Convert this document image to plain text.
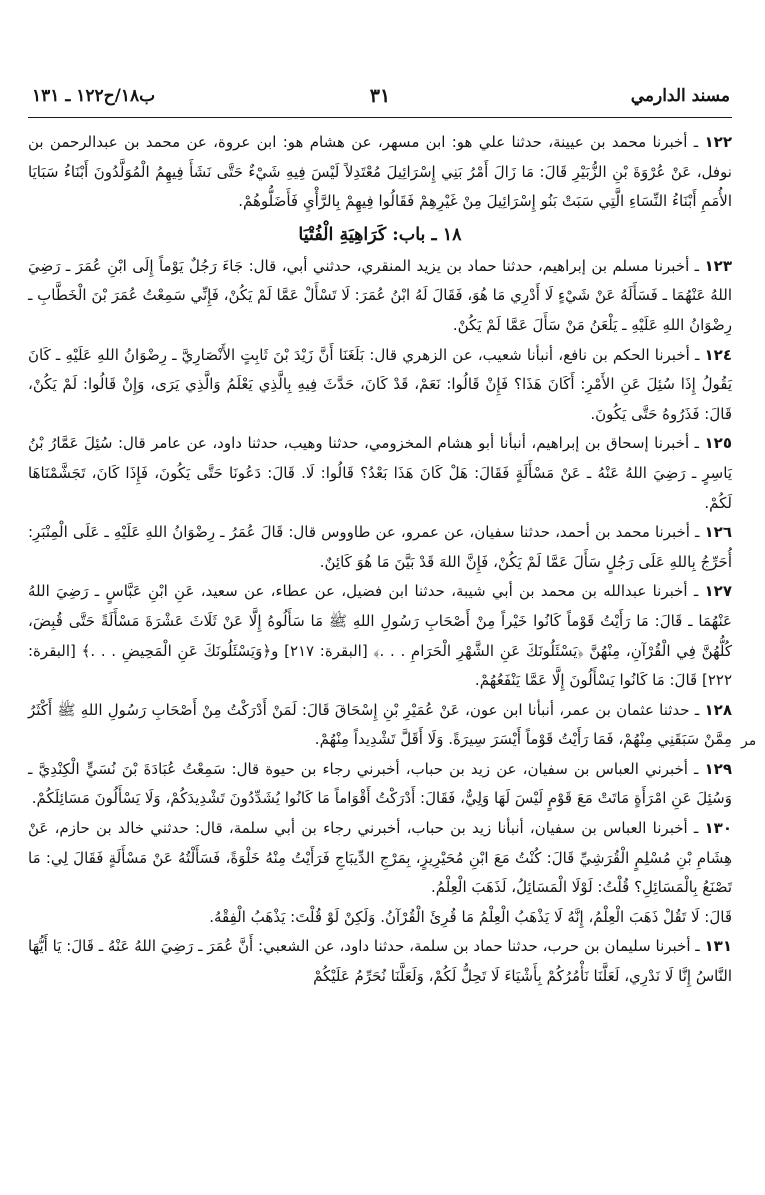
مسند الدارمي
٣١
ب١٨/ح١٢٢ ـ ١٣١

١٢٢ ـ أخبرنا محمد بن عيينة، حدثنا علي هو: ابن مسهر، عن هشام هو: ابن عروة، عن محمد بن عبدالرحمن بن نوفل، عَنْ عُرْوَةَ بْنِ الزُّبَيْرِ قَالَ: مَا زَالَ أَمْرُ بَنِي إِسْرَائِيلَ مُعْتَدِلاً لَيْسَ فِيهِ شَيْءٌ حَتَّى نَشَأَ فِيهِمُ الْمُوَلَّدُونَ أَبْنَاءُ سَبَايَا الأُمَمِ أَبْنَاءُ النِّسَاءِ الَّتِي سَبَتْ بَنُو إِسْرَائِيلَ مِنْ غَيْرِهِمْ فَقَالُوا فِيهِمْ بِالرَّأْيِ فَأَضَلُّوهُمْ.

١٨ ـ باب: كَرَاهِيَةِ الْفُتْيَا

١٢٣ ـ أخبرنا مسلم بن إبراهيم، حدثنا حماد بن يزيد المنقري، حدثني أبي، قال: جَاءَ رَجُلٌ يَوْماً إِلَى ابْنِ عُمَرَ ـ رَضِيَ اللهُ عَنْهُمَا ـ فَسَأَلَهُ عَنْ شَيْءٍ لَا أَدْرِي مَا هُوَ، فَقَالَ لَهُ ابْنُ عُمَرَ: لَا تَسْأَلْ عَمَّا لَمْ يَكُنْ، فَإِنِّي سَمِعْتُ عُمَرَ بْنَ الْخَطَّابِ ـ رِضْوَانُ اللهِ عَلَيْهِ ـ يَلْعَنُ مَنْ سَأَلَ عَمَّا لَمْ يَكُنْ.

١٢٤ ـ أخبرنا الحكم بن نافع، أنبأنا شعيب، عن الزهري قال: بَلَغَنَا أَنَّ زَيْدَ بْنَ ثَابِتٍ الأَنْصَارِيَّ ـ رِضْوَانُ اللهِ عَلَيْهِ ـ كَانَ يَقُولُ إِذَا سُئِلَ عَنِ الأَمْرِ: أَكَانَ هَذَا؟ فَإِنْ قَالُوا: نَعَمْ، قَدْ كَانَ، حَدَّثَ فِيهِ بِالَّذِي يَعْلَمُ وَالَّذِي يَرَى، وَإِنْ قَالُوا: لَمْ يَكُنْ، قَالَ: فَذَرُوهُ حَتَّى يَكُونَ.

١٢٥ ـ أخبرنا إسحاق بن إبراهيم، أنبأنا أبو هشام المخزومي، حدثنا وهيب، حدثنا داود، عن عامر قال: سُئِلَ عَمَّارُ بْنُ يَاسِرٍ ـ رَضِيَ اللهُ عَنْهُ ـ عَنْ مَسْأَلَةٍ فَقَالَ: هَلْ كَانَ هَذَا بَعْدُ؟ قَالُوا: لَا. قَالَ: دَعُونَا حَتَّى يَكُونَ، فَإِذَا كَانَ، تَجَشَّمْنَاهَا لَكُمْ.

١٢٦ ـ أخبرنا محمد بن أحمد، حدثنا سفيان، عن عمرو، عن طاووس قال: قَالَ عُمَرُ ـ رِضْوَانُ اللهِ عَلَيْهِ ـ عَلَى الْمِنْبَرِ: أُحَرِّجُ بِاللهِ عَلَى رَجُلٍ سَأَلَ عَمَّا لَمْ يَكُنْ، فَإِنَّ اللهَ قَدْ بَيَّنَ مَا هُوَ كَائِنٌ.

١٢٧ ـ أخبرنا عبدالله بن محمد بن أبي شيبة، حدثنا ابن فضيل، عن عطاء، عن سعيد، عَنِ ابْنِ عَبَّاسٍ ـ رَضِيَ اللهُ عَنْهُمَا ـ قَالَ: مَا رَأَيْتُ قَوْماً كَانُوا خَيْراً مِنْ أَصْحَابِ رَسُولِ اللهِ ﷺ مَا سَأَلُوهُ إِلَّا عَنْ ثَلَاثَ عَشْرَةَ مَسْأَلَةً حَتَّى قُبِضَ، كُلُّهُنَّ فِي الْقُرْآنِ، مِنْهُنَّ ﴿يَسْئَلُونَكَ عَنِ الشَّهْرِ الْحَرَامِ . . .﴾ [البقرة: ٢١٧] و﴿وَيَسْئَلُونَكَ عَنِ الْمَحِيضِ . . .﴾ [البقرة: ٢٢٢] قَالَ: مَا كَانُوا يَسْأَلُونَ إِلَّا عَمَّا يَنْفَعُهُمْ.

١٢٨ ـ حدثنا عثمان بن عمر، أنبأنا ابن عون، عَنْ عُمَيْرِ بْنِ إِسْحَاقَ قَالَ: لَمَنْ أَدْرَكْتُ مِنْ أَصْحَابِ رَسُولِ اللهِ ﷺ أَكْثَرُ مِمَّنْ سَبَقَنِي مِنْهُمْ، فَمَا رَأَيْتُ قَوْماً أَيْسَرَ سِيرَةً. وَلَا أَقَلَّ تَشْدِيداً مِنْهُمْ.

١٢٩ ـ أخبرني العباس بن سفيان، عن زيد بن حباب، أخبرني رجاء بن حيوة قال: سَمِعْتُ عُبَادَةَ بْنَ نُسَيٍّ الْكِنْدِيَّ ـ وَسُئِلَ عَنِ امْرَأَةٍ مَاتَتْ مَعَ قَوْمٍ لَيْسَ لَهَا وَلِيٌّ، فَقَالَ: أَدْرَكْتُ أَقْوَاماً مَا كَانُوا يُشَدِّدُونَ تَشْدِيدَكُمْ، وَلَا يَسْأَلُونَ مَسَائِلَكُمْ.

١٣٠ ـ أخبرنا العباس بن سفيان، أنبأنا زيد بن حباب، أخبرني رجاء بن أبي سلمة، قال: حدثني خالد بن حازم، عَنْ هِشَامِ بْنِ مُسْلِمٍ الْقُرَشِيِّ قَالَ: كُنْتُ مَعَ ابْنِ مُحَيْرِيزٍ، بِمَرْجِ الدِّيبَاجِ فَرَأَيْتُ مِنْهُ خَلْوَةً، فَسَأَلْتُهُ عَنْ مَسْأَلَةٍ فَقَالَ لِي: مَا تَصْنَعُ بِالْمَسَائِلِ؟ قُلْتُ: لَوْلَا الْمَسَائِلُ، لَذَهَبَ الْعِلْمُ.

قَالَ: لَا تَقُلْ ذَهَبَ الْعِلْمُ، إِنَّهُ لَا يَذْهَبُ الْعِلْمُ مَا قُرِئَ الْقُرْآنُ. وَلَكِنْ لَوْ قُلْتَ: يَذْهَبُ الْفِقْهُ.

١٣١ ـ أخبرنا سليمان بن حرب، حدثنا حماد بن سلمة، حدثنا داود، عن الشعبي: أَنَّ عُمَرَ ـ رَضِيَ اللهُ عَنْهُ ـ قَالَ: يَا أَيُّهَا النَّاسُ إِنَّا لَا نَدْرِي، لَعَلَّنَا نَأْمُرُكُمْ بِأَشْيَاءَ لَا تَحِلُّ لَكُمْ، وَلَعَلَّنَا نُحَرِّمُ عَلَيْكُمْ

مر
